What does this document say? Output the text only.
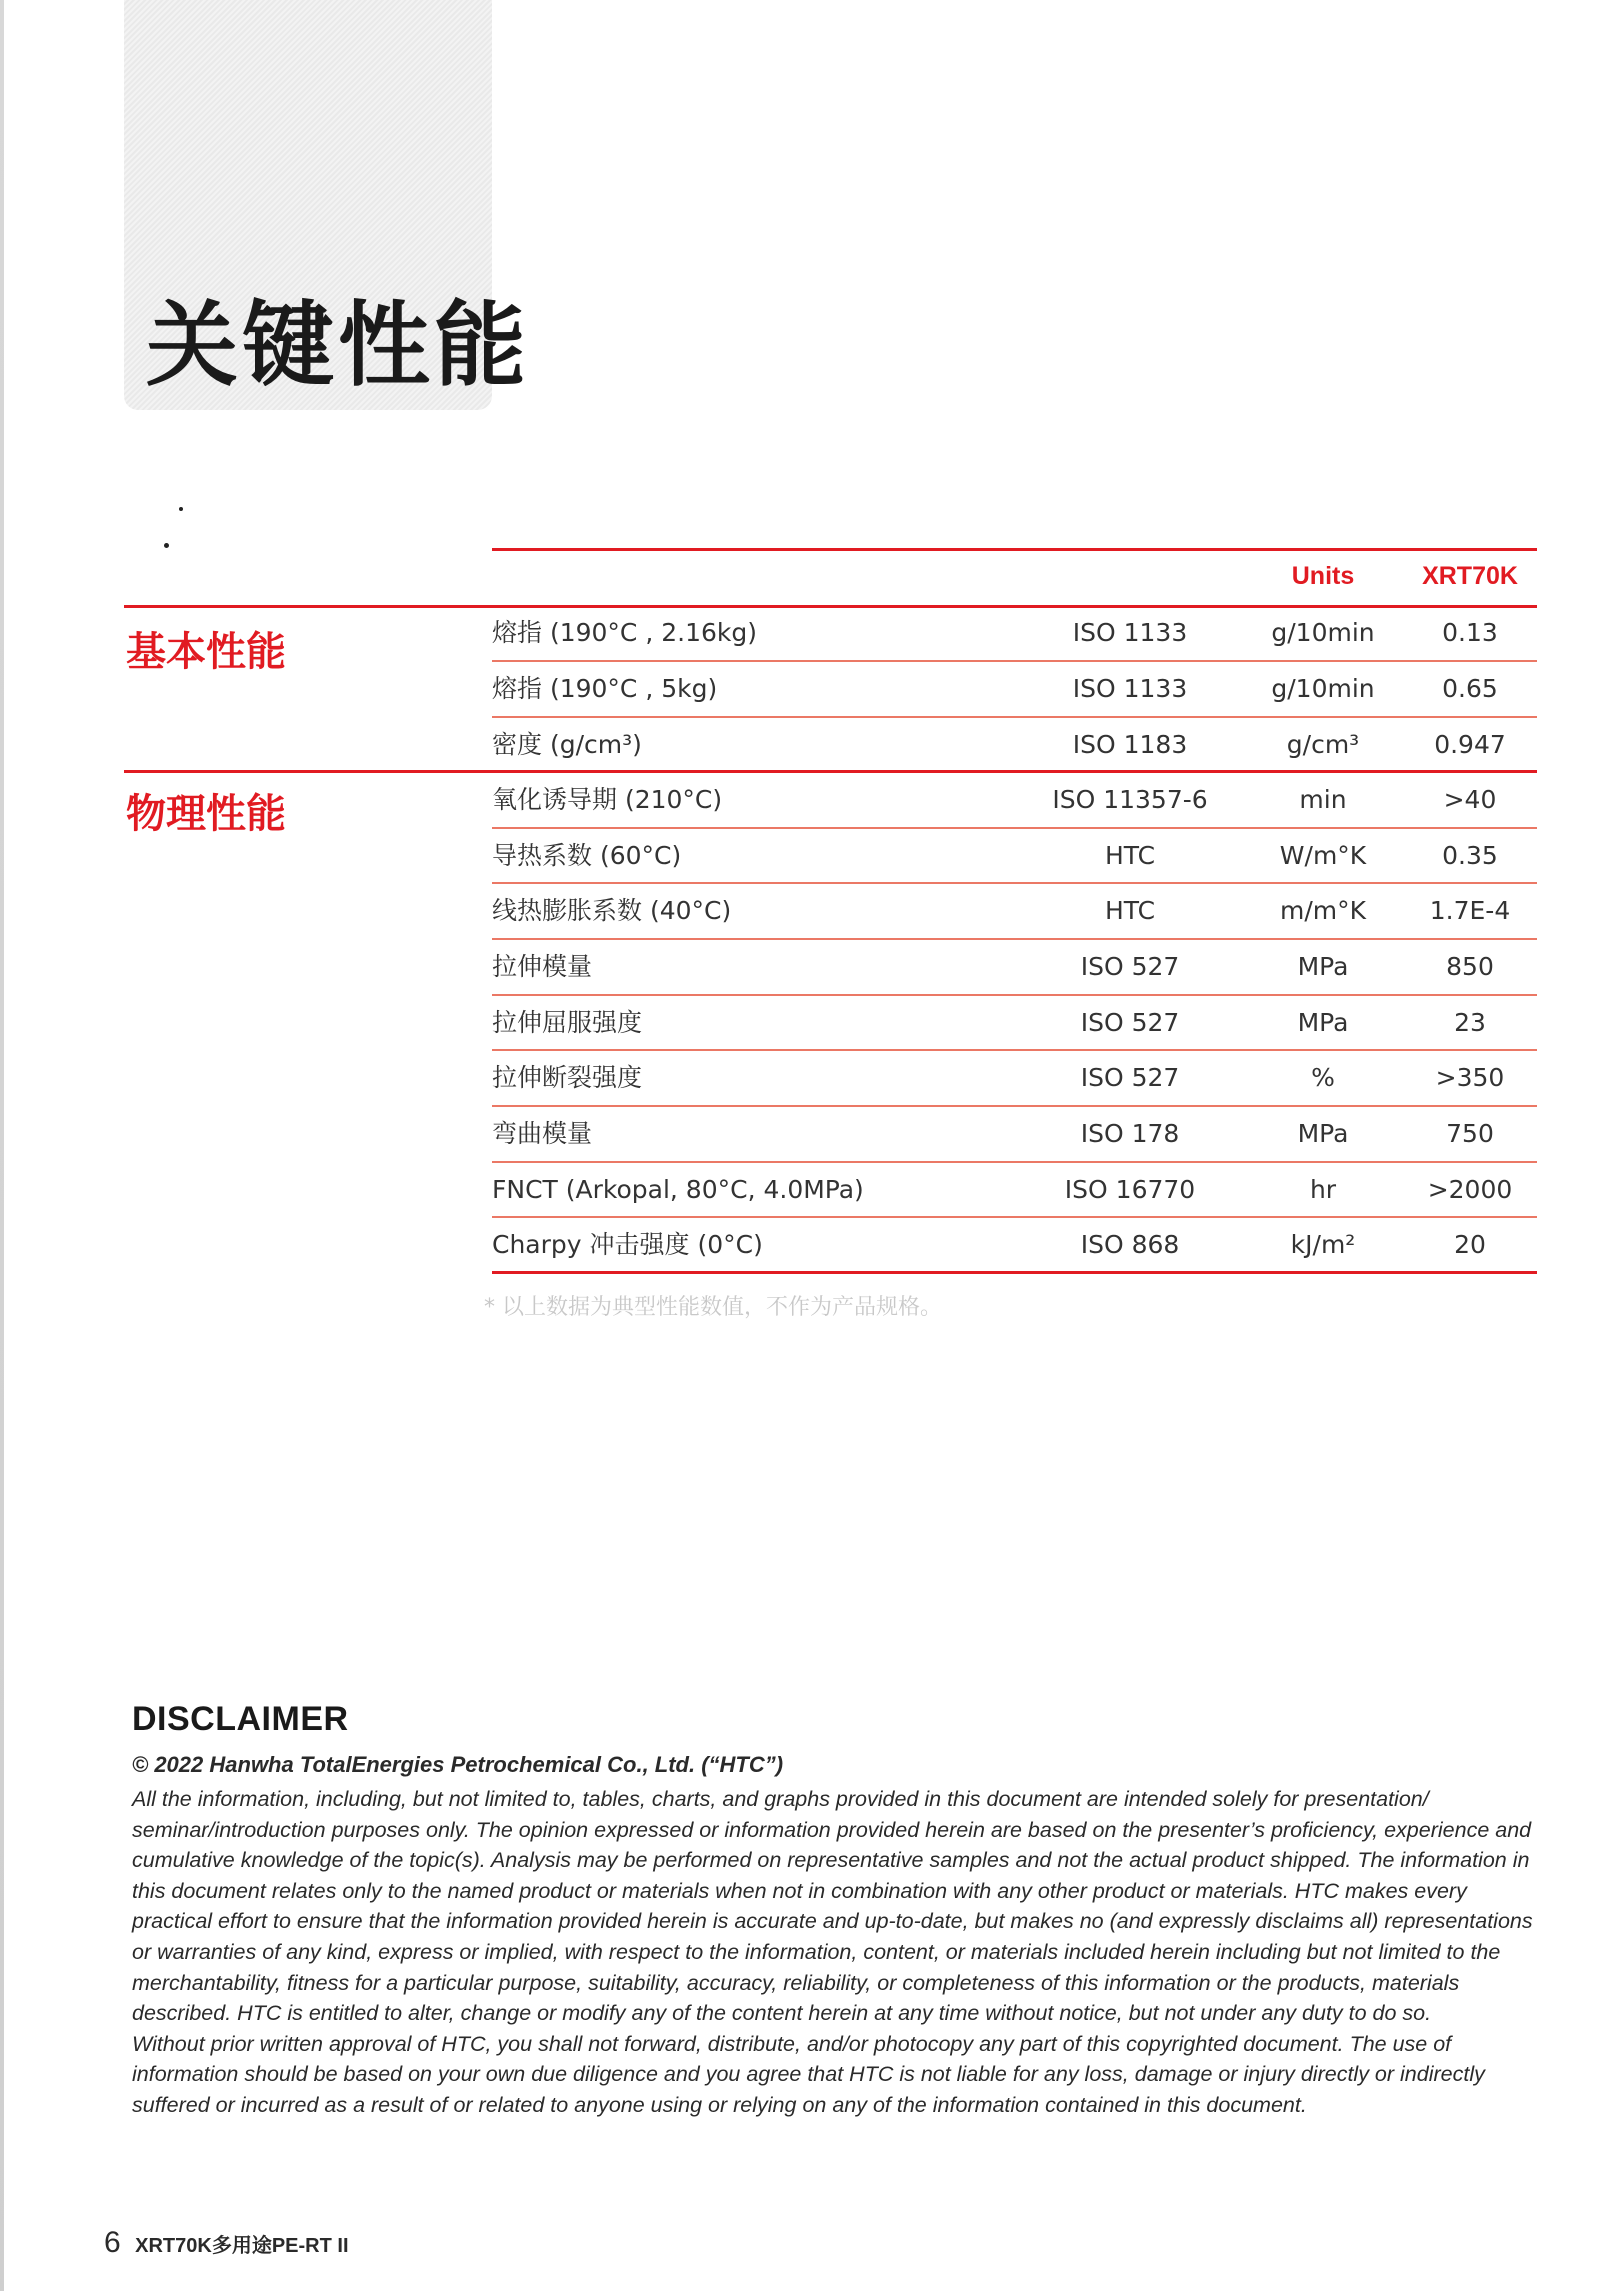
关键性能
Units	XRT70K
基本性能	熔指 (190°C , 2.16kg)	ISO 1133	g/10min	0.13
熔指 (190°C , 5kg)	ISO 1133	g/10min	0.65
密度 (g/cm³)	ISO 1183	g/cm³	0.947
物理性能	氧化诱导期 (210°C)	ISO 11357-6	min	>40
导热系数 (60°C)	HTC	W/m°K	0.35
线热膨胀系数 (40°C)	HTC	m/m°K	1.7E-4
拉伸模量	ISO 527	MPa	850
拉伸屈服强度	ISO 527	MPa	23
拉伸断裂强度	ISO 527	%	>350
弯曲模量	ISO 178	MPa	750
FNCT (Arkopal, 80°C, 4.0MPa)	ISO 16770	hr	>2000
Charpy 冲击强度 (0°C)	ISO 868	kJ/m²	20
* 以上数据为典型性能数值，不作为产品规格。
DISCLAIMER
© 2022 Hanwha TotalEnergies Petrochemical Co., Ltd. (“HTC”)

All the information, including, but not limited to, tables, charts, and graphs provided in this document are intended solely for presentation/ seminar/introduction purposes only. The opinion expressed or information provided herein are based on the presenter’s proficiency, experience and cumulative knowledge of the topic(s). Analysis may be performed on representative samples and not the actual product shipped. The information in this document relates only to the named product or materials when not in combination with any other product or materials. HTC makes every practical effort to ensure that the information provided herein is accurate and up-to-date, but makes no (and expressly disclaims all) representations or warranties of any kind, express or implied, with respect to the information, content, or materials included herein including but not limited to the merchantability, fitness for a particular purpose, suitability, accuracy, reliability, or completeness of this information or the products, materials described. HTC is entitled to alter, change or modify any of the content herein at any time without notice, but not under any duty to do so.

Without prior written approval of HTC, you shall not forward, distribute, and/or photocopy any part of this copyrighted document. The use of information should be based on your own due diligence and you agree that HTC is not liable for any loss, damage or injury directly or indirectly suffered or incurred as a result of or related to anyone using or relying on any of the information contained in this document.

6 XRT70K多用途PE-RT II
